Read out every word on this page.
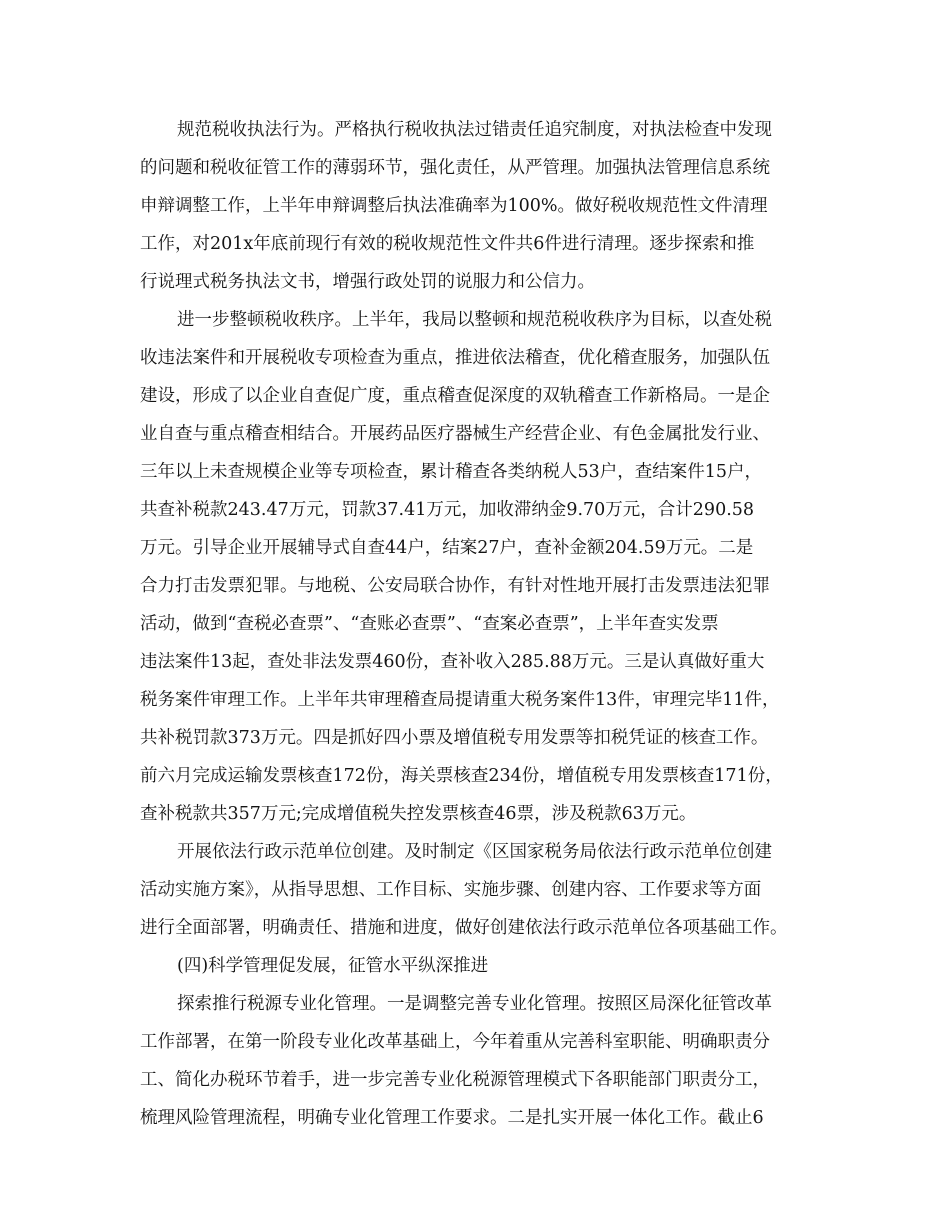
规范税收执法行为。严格执行税收执法过错责任追究制度，对执法检查中发现
的问题和税收征管工作的薄弱环节，强化责任，从严管理。加强执法管理信息系统
申辩调整工作，上半年申辩调整后执法准确率为100%。做好税收规范性文件清理
工作，对201x年底前现行有效的税收规范性文件共6件进行清理。逐步探索和推
行说理式税务执法文书，增强行政处罚的说服力和公信力。
进一步整顿税收秩序。上半年，我局以整顿和规范税收秩序为目标，以查处税
收违法案件和开展税收专项检查为重点，推进依法稽查，优化稽查服务，加强队伍
建设，形成了以企业自查促广度，重点稽查促深度的双轨稽查工作新格局。一是企
业自查与重点稽查相结合。开展药品医疗器械生产经营企业、有色金属批发行业、
三年以上未查规模企业等专项检查，累计稽查各类纳税人53户，查结案件15户，
共查补税款243.47万元，罚款37.41万元，加收滞纳金9.70万元，合计290.58
万元。引导企业开展辅导式自查44户，结案27户，查补金额204.59万元。二是
合力打击发票犯罪。与地税、公安局联合协作，有针对性地开展打击发票违法犯罪
活动，做到“查税必查票”、“查账必查票”、“查案必查票”，上半年查实发票
违法案件13起，查处非法发票460份，查补收入285.88万元。三是认真做好重大
税务案件审理工作。上半年共审理稽查局提请重大税务案件13件，审理完毕11件，
共补税罚款373万元。四是抓好四小票及增值税专用发票等扣税凭证的核查工作。
前六月完成运输发票核查172份，海关票核查234份，增值税专用发票核查171份，
查补税款共357万元;完成增值税失控发票核查46票，涉及税款63万元。
开展依法行政示范单位创建。及时制定《区国家税务局依法行政示范单位创建
活动实施方案》，从指导思想、工作目标、实施步骤、创建内容、工作要求等方面
进行全面部署，明确责任、措施和进度，做好创建依法行政示范单位各项基础工作。
(四)科学管理促发展，征管水平纵深推进
探索推行税源专业化管理。一是调整完善专业化管理。按照区局深化征管改革
工作部署，在第一阶段专业化改革基础上，今年着重从完善科室职能、明确职责分
工、简化办税环节着手，进一步完善专业化税源管理模式下各职能部门职责分工，
梳理风险管理流程，明确专业化管理工作要求。二是扎实开展一体化工作。截止6
